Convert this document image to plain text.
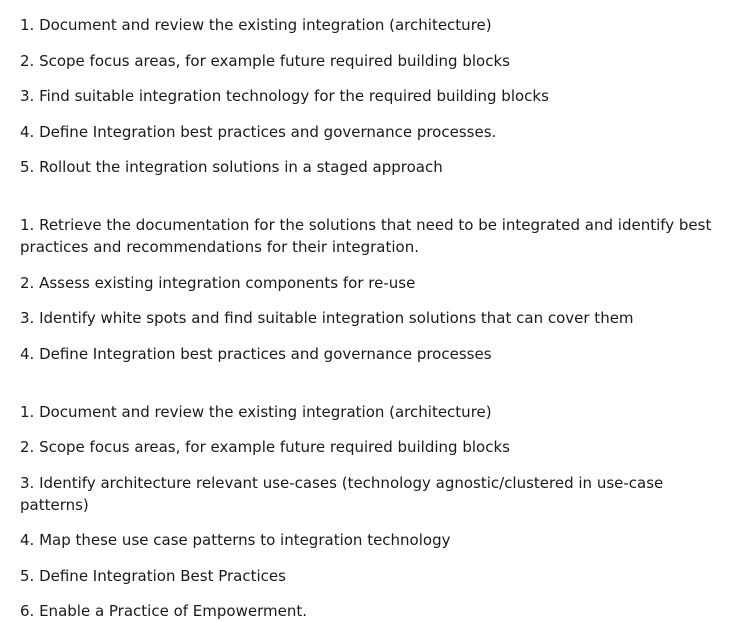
1. Document and review the existing integration (architecture)

2. Scope focus areas, for example future required building blocks

3. Find suitable integration technology for the required building blocks

4. Define Integration best practices and governance processes.

5. Rollout the integration solutions in a staged approach

1. Retrieve the documentation for the solutions that need to be integrated and identify best practices and recommendations for their integration.

2. Assess existing integration components for re-use

3. Identify white spots and find suitable integration solutions that can cover them

4. Define Integration best practices and governance processes

1. Document and review the existing integration (architecture)

2. Scope focus areas, for example future required building blocks

3. Identify architecture relevant use-cases (technology agnostic/clustered in use-case patterns)

4. Map these use case patterns to integration technology

5. Define Integration Best Practices

6. Enable a Practice of Empowerment.
